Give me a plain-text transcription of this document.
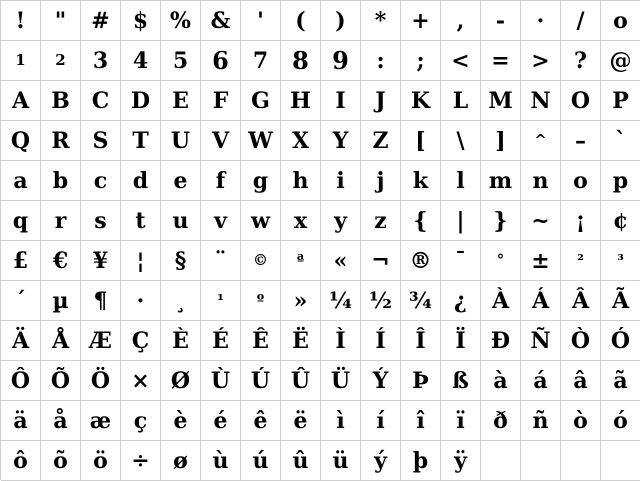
!	"	#	$ % &	'	(	)	*	+	,	-	·	/	o
1	2	3	4	5 6	7 8 9	:	;	< = >	?	@
A	B C D	E	F	G H	I	J	K	L M N O	P
Q R	S	T	U V W X	Y	Z	[	\	]	^	–	`
a	b	c	d	e	f	g	h	i	j	k	l	m n	o	p
q	r	s	t	u	v	w	x	y	z	{	|	}	~	¡	¢
£	€	¥	¦	§	¨	©	ª	«	¬ ®	¯	°	±	²	³
´	µ	¶	·	¸	¹	º	» ¼ ½ ¾	¿	À	Á	Â	Ã
Ä	Å Æ Ç	È	É	Ê	Ë	Ì	Í	Î	Ï	Ð Ñ Ò Ó
Ô Õ Ö × Ø Ù Ú Û Ü	Ý	Þ	ß	à	á	â	ã
ä	å	æ	ç	è	é	ê	ë	ì	í	î	ï	ð	ñ	ò	ó
ô	õ	ö	÷	ø	ù	ú	û	ü	ý	þ	ÿ
